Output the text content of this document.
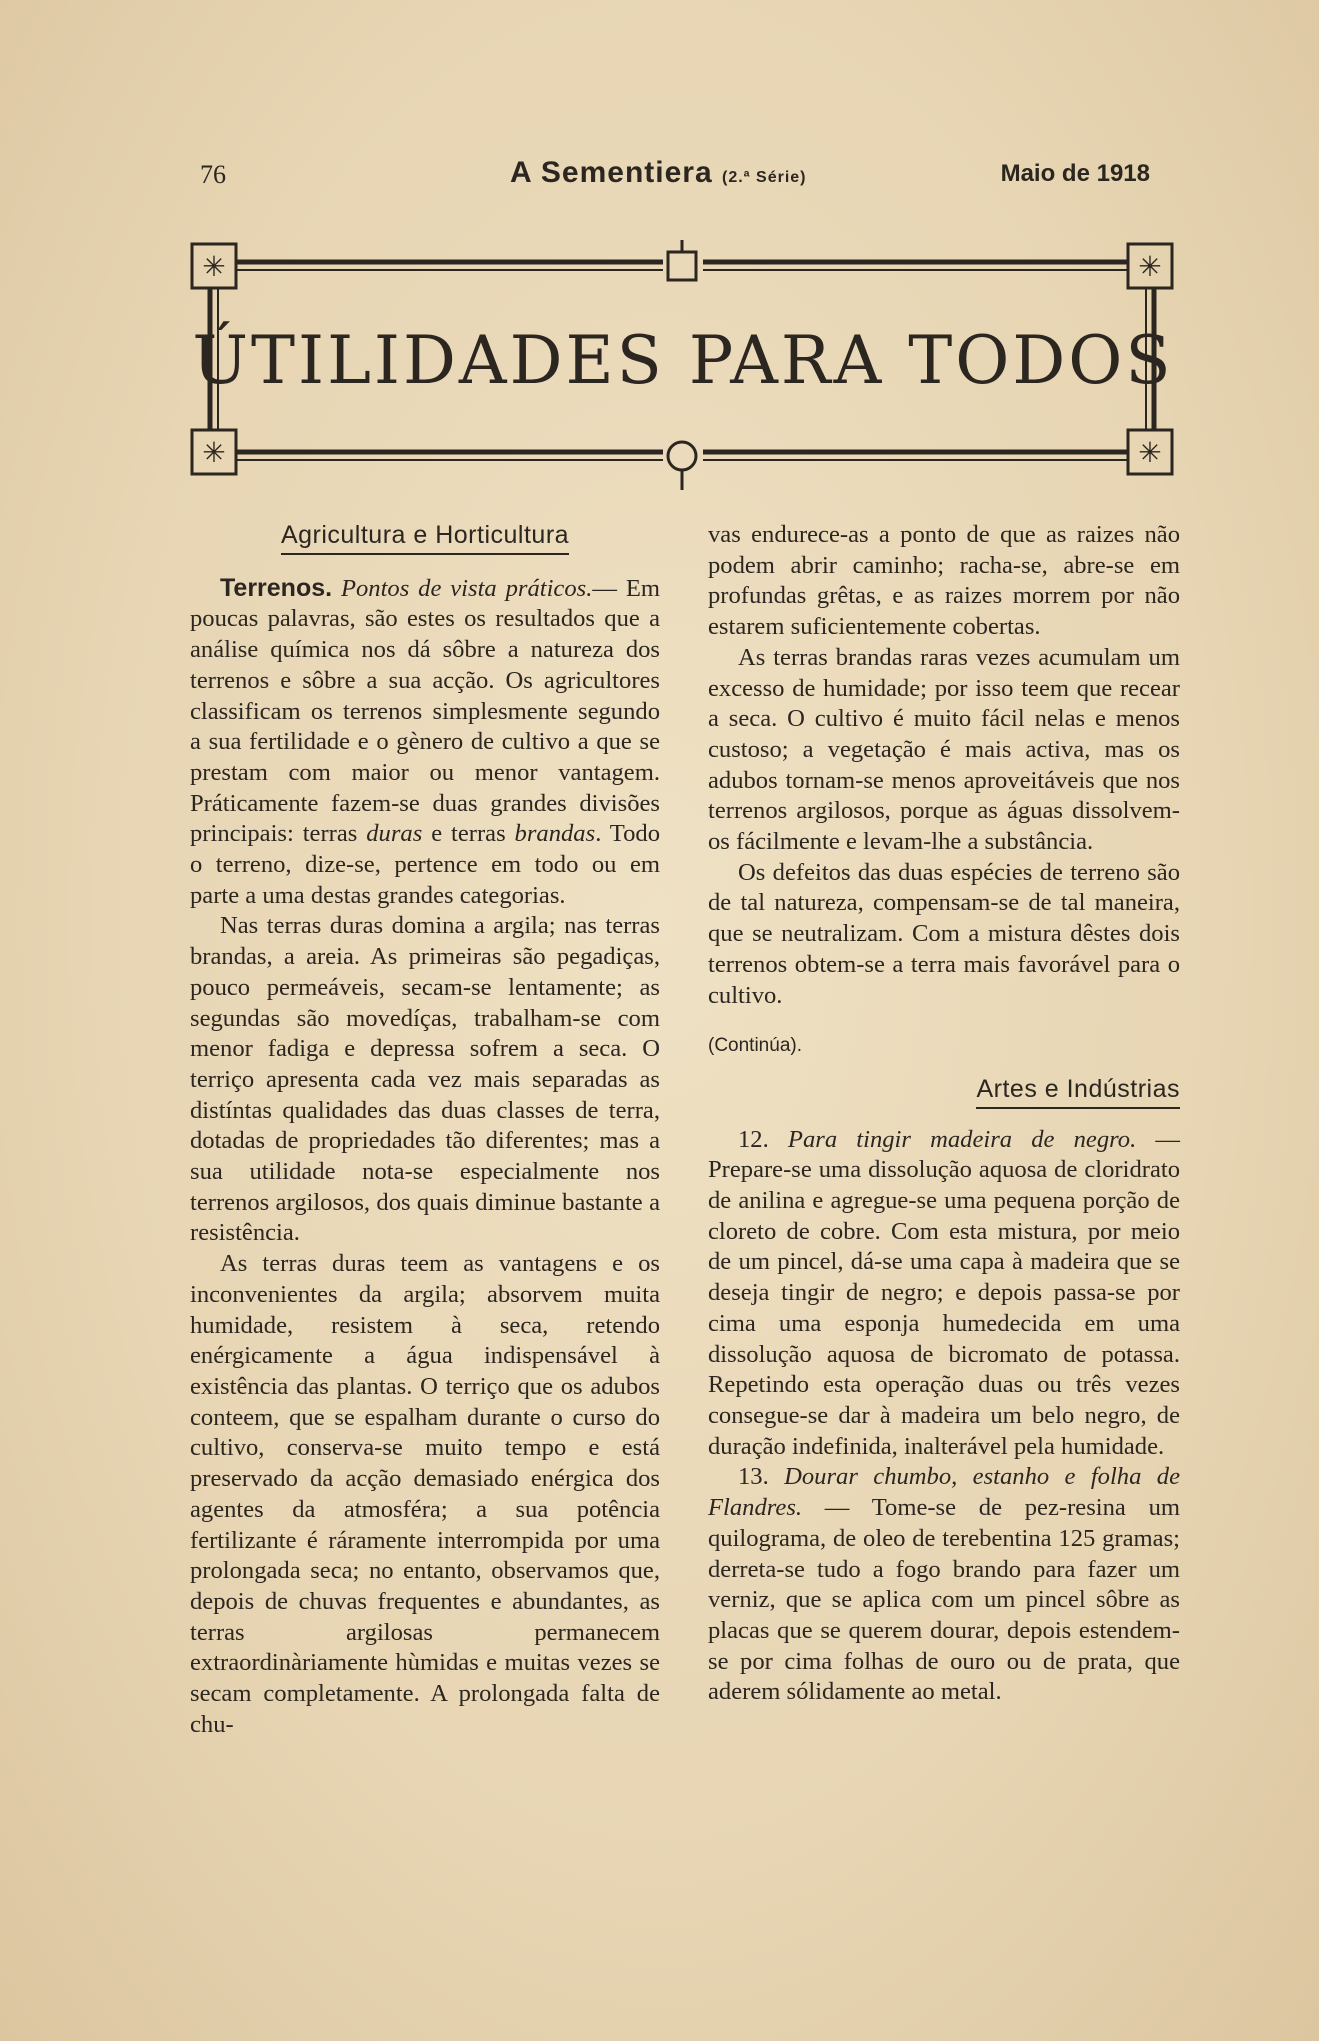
76	A Sementiera (2.ª Série)	Maio de 1918
✳
✳
✳
✳
ÚTILIDADES PARA TODOS
Agricultura e Horticultura

Terrenos. Pontos de vista práticos.— Em poucas palavras, são estes os resultados que a análise química nos dá sôbre a natureza dos terrenos e sôbre a sua acção. Os agricultores classificam os terrenos simplesmente segundo a sua fertilidade e o gènero de cultivo a que se prestam com maior ou menor vantagem. Práticamente fazem-se duas grandes divisões principais: terras duras e terras brandas. Todo o terreno, dize-se, pertence em todo ou em parte a uma destas grandes categorias.

Nas terras duras domina a argila; nas terras brandas, a areia. As primeiras são pegadiças, pouco permeáveis, secam-se lentamente; as segundas são movedíças, trabalham-se com menor fadiga e depressa sofrem a seca. O terriço apresenta cada vez mais separadas as distíntas qualidades das duas classes de terra, dotadas de propriedades tão diferentes; mas a sua utilidade nota-se especialmente nos terrenos argilosos, dos quais diminue bastante a resistência.

As terras duras teem as vantagens e os inconvenientes da argila; absorvem muita humidade, resistem à seca, retendo enérgicamente a água indispensável à existência das plantas. O terriço que os adubos conteem, que se espalham durante o curso do cultivo, conserva-se muito tempo e está preservado da acção demasiado enérgica dos agentes da atmosféra; a sua potência fertilizante é ráramente interrompida por uma prolongada seca; no entanto, observamos que, depois de chuvas frequentes e abundantes, as terras argilosas permanecem extraordinàriamente hùmidas e muitas vezes se secam completamente. A prolongada falta de chu-

vas endurece-as a ponto de que as raizes não podem abrir caminho; racha-se, abre-se em profundas grêtas, e as raizes morrem por não estarem suficientemente cobertas.

As terras brandas raras vezes acumulam um excesso de humidade; por isso teem que recear a seca. O cultivo é muito fácil nelas e menos custoso; a vegetação é mais activa, mas os adubos tornam-se menos aproveitáveis que nos terrenos argilosos, porque as águas dissolvem-os fácilmente e levam-lhe a substância.

Os defeitos das duas espécies de terreno são de tal natureza, compensam-se de tal maneira, que se neutralizam. Com a mistura dêstes dois terrenos obtem-se a terra mais favorável para o cultivo.

(Continúa).
Artes e Indústrias

12. Para tingir madeira de negro. — Prepare-se uma dissolução aquosa de cloridrato de anilina e agregue-se uma pequena porção de cloreto de cobre. Com esta mistura, por meio de um pincel, dá-se uma capa à madeira que se deseja tingir de negro; e depois passa-se por cima uma esponja humedecida em uma dissolução aquosa de bicromato de potassa. Repetindo esta operação duas ou três vezes consegue-se dar à madeira um belo negro, de duração indefinida, inalterável pela humidade.

13. Dourar chumbo, estanho e folha de Flandres. — Tome-se de pez-resina um quilograma, de oleo de terebentina 125 gramas; derreta-se tudo a fogo brando para fazer um verniz, que se aplica com um pincel sôbre as placas que se querem dourar, depois estendem-se por cima folhas de ouro ou de prata, que aderem sólidamente ao metal.
